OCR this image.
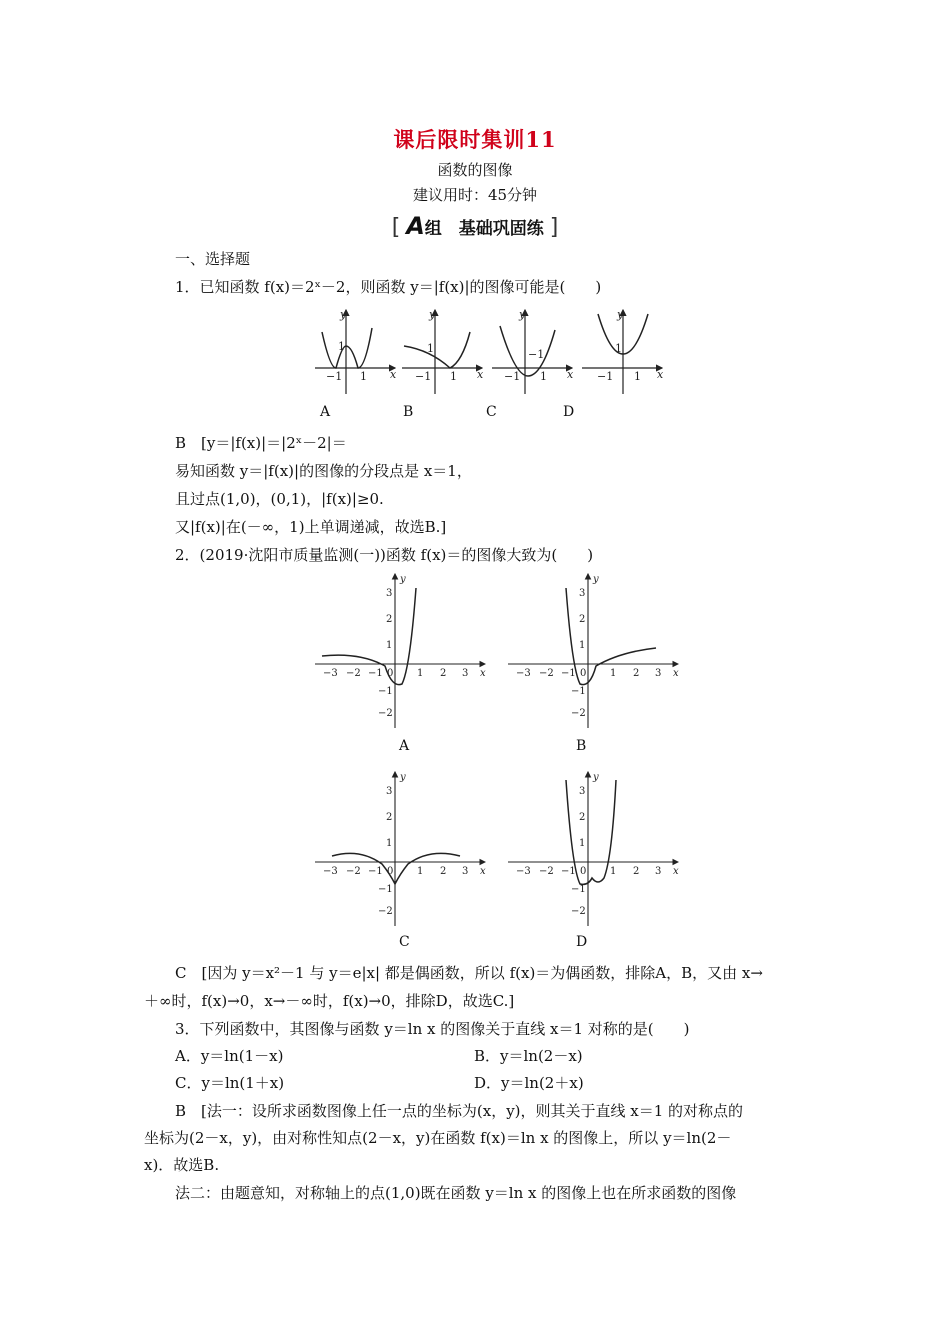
课后限时集训11
函数的图像
建议用时：45分钟
[ A组　基础巩固练 ]
一、选择题
1．已知函数 f(x)＝2ˣ－2，则函数 y＝|f(x)|的图像可能是(　　)
y
x
−1 1
1
y
x
−1 1
1
y
x
−1 1
−1
y
x
−1 1
1
A	B	C	D
B　[y＝|f(x)|＝|2ˣ－2|＝
易知函数 y＝|f(x)|的图像的分段点是 x＝1，
且过点(1,0)，(0,1)，|f(x)|≥0.
又|f(x)|在(－∞，1)上单调递减，故选B.]
2．(2019·沈阳市质量监测(一))函数 f(x)＝的图像大致为(　　)
y
x
−3 −2 −1 0 1 2 3
3
2
1
−1
−2
y
x
−3 −2 −1 0 1 2 3
3
2
1
−1
−2
y
x
−3 −2 −1 0 1 2 3
3
2
1
−1
−2
y
x
−3 −2 −1 0 1 2 3
3
2
1
−1
−2
A	B
C	D
C　[因为 y＝x²－1 与 y＝e|x| 都是偶函数，所以 f(x)＝为偶函数，排除A，B，又由 x→
＋∞时，f(x)→0，x→－∞时，f(x)→0，排除D，故选C.]
3．下列函数中，其图像与函数 y＝ln x 的图像关于直线 x＝1 对称的是(　　)
A．y＝ln(1－x)	B．y＝ln(2－x)
C．y＝ln(1＋x)	D．y＝ln(2＋x)
B　[法一：设所求函数图像上任一点的坐标为(x，y)，则其关于直线 x＝1 的对称点的
坐标为(2－x，y)，由对称性知点(2－x，y)在函数 f(x)＝ln x 的图像上，所以 y＝ln(2－
x)．故选B.
法二：由题意知，对称轴上的点(1,0)既在函数 y＝ln x 的图像上也在所求函数的图像
